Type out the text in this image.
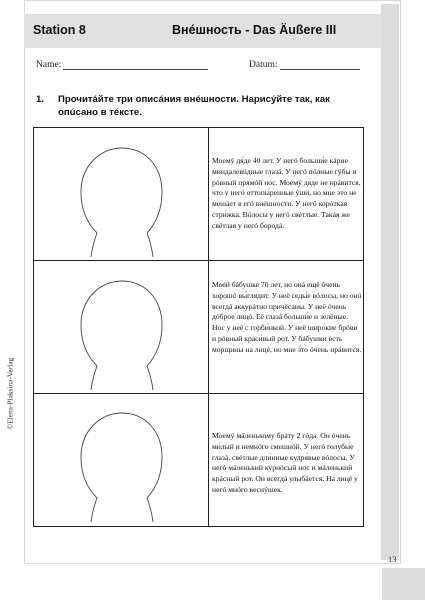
Station 8	Внéшность - Das Äußere III
Name:	Datum:
1. Прочитáйте три описáния внéшности. Нарисýйте так, как опúсано в тéксте.
Моемý дя́де 40 лет. У негó больши́е кáрие миндалевúдные глазá. У негó пóлные гýбы и рóвный прямóй нос. Моемý дя́де не нрáвится, что у негó оттопы́ренные ýши, но мне э́то не мешáет в егó внéшности. У негó корóткая стри́жка. Вóлосы у негó свéтлые. Такáя же свéтлая у негó бородá.
Моéй бáбушке 70 лет, но онá ещё óчень хорошó вы́глядит. У неё седы́е вóлосы, но онú всегдá аккурáтно причёсаны. У неё óчень дóброе лицó. Её глазá больши́е и зелёные. Нос у неё с горби́нкой. У неё широ́кие брóви и рóвный краси́вый рот. У бáбушки есть морщи́ны на лицé, но мне э́то óчень нрáвится.
Моемý мáленькому брáту 2 гóда. Он óчень ми́лый и немнóго смешнóй. У негó голубы́е глазá, свéтлые дли́нные кудря́вые вóлосы. У негó мáленький курнóсый нос и мáленький крáсный рот. Он всегдá улыбáется. На лицé у негó мнóго веснýшек.
©Elena-Plaksina-Verlag
13
